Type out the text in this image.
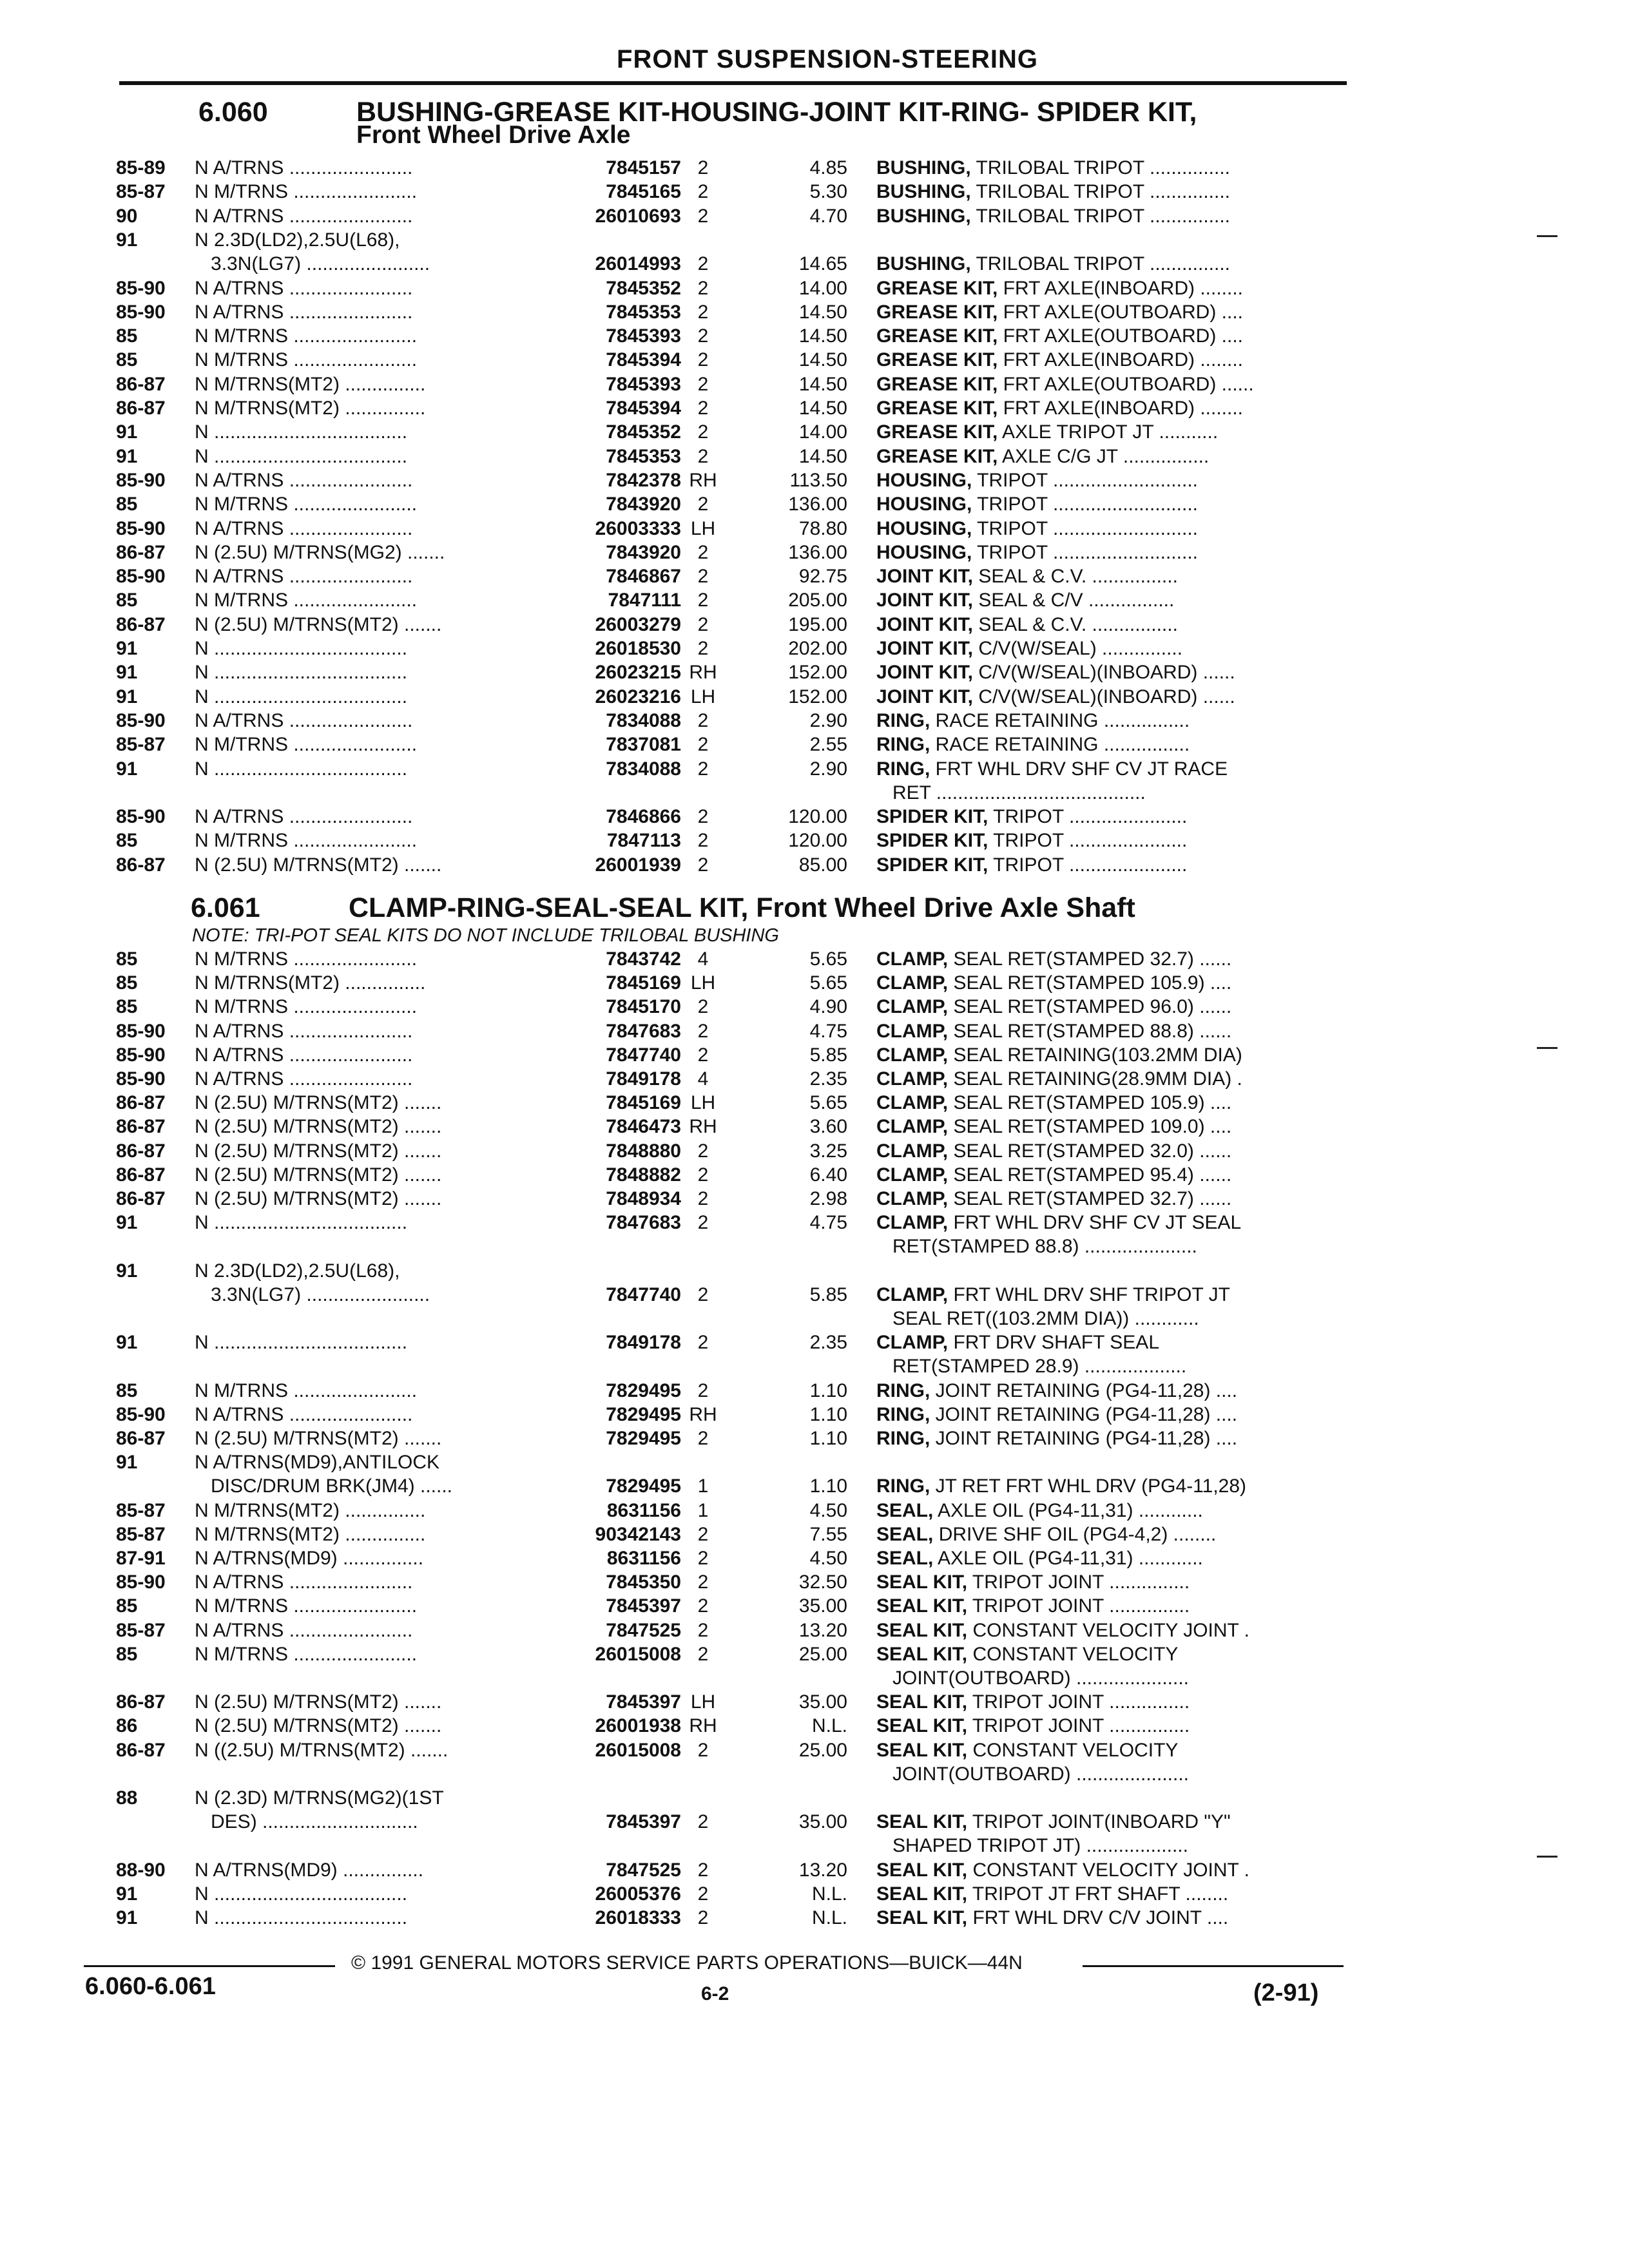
FRONT SUSPENSION-STEERING
6.060	BUSHING-GREASE KIT-HOUSING-JOINT KIT-RING- SPIDER KIT,
Front Wheel Drive Axle
85-89 N A/TRNS .......................	7845157 2	4.85 BUSHING, TRILOBAL TRIPOT ...............
85-87 N M/TRNS .......................	7845165 2	5.30 BUSHING, TRILOBAL TRIPOT ...............
90	N A/TRNS .......................	26010693 2	4.70 BUSHING, TRILOBAL TRIPOT ...............
91	N 2.3D(LD2),2.5U(L68),
3.3N(LG7) .......................	26014993 2	14.65 BUSHING, TRILOBAL TRIPOT ...............
85-90 N A/TRNS .......................	7845352 2	14.00 GREASE KIT, FRT AXLE(INBOARD) ........
85-90 N A/TRNS .......................	7845353 2	14.50 GREASE KIT, FRT AXLE(OUTBOARD) ....
85	N M/TRNS .......................	7845393 2	14.50 GREASE KIT, FRT AXLE(OUTBOARD) ....
85	N M/TRNS .......................	7845394 2	14.50 GREASE KIT, FRT AXLE(INBOARD) ........
86-87 N M/TRNS(MT2) ...............	7845393 2	14.50 GREASE KIT, FRT AXLE(OUTBOARD) ......
86-87 N M/TRNS(MT2) ...............	7845394 2	14.50 GREASE KIT, FRT AXLE(INBOARD) ........
91	N ....................................	7845352 2	14.00 GREASE KIT, AXLE TRIPOT JT ...........
91	N ....................................	7845353 2	14.50 GREASE KIT, AXLE C/G JT ................
85-90 N A/TRNS .......................	7842378 RH	113.50 HOUSING, TRIPOT ...........................
85	N M/TRNS .......................	7843920 2	136.00 HOUSING, TRIPOT ...........................
85-90 N A/TRNS .......................	26003333 LH	78.80 HOUSING, TRIPOT ...........................
86-87 N (2.5U) M/TRNS(MG2) .......	7843920 2	136.00 HOUSING, TRIPOT ...........................
85-90 N A/TRNS .......................	7846867 2	92.75 JOINT KIT, SEAL & C.V. ................
85	N M/TRNS .......................	7847111 2	205.00 JOINT KIT, SEAL & C/V ................
86-87 N (2.5U) M/TRNS(MT2) .......	26003279 2	195.00 JOINT KIT, SEAL & C.V. ................
91	N ....................................	26018530 2	202.00 JOINT KIT, C/V(W/SEAL) ...............
91	N ....................................	26023215 RH	152.00 JOINT KIT, C/V(W/SEAL)(INBOARD) ......
91	N ....................................	26023216 LH	152.00 JOINT KIT, C/V(W/SEAL)(INBOARD) ......
85-90 N A/TRNS .......................	7834088 2	2.90 RING, RACE RETAINING ................
85-87 N M/TRNS .......................	7837081 2	2.55 RING, RACE RETAINING ................
91	N ....................................	7834088 2	2.90 RING, FRT WHL DRV SHF CV JT RACE
RET .......................................
85-90 N A/TRNS .......................	7846866 2	120.00 SPIDER KIT, TRIPOT ......................
85	N M/TRNS .......................	7847113 2	120.00 SPIDER KIT, TRIPOT ......................
86-87 N (2.5U) M/TRNS(MT2) .......	26001939 2	85.00 SPIDER KIT, TRIPOT ......................
6.061	CLAMP-RING-SEAL-SEAL KIT, Front Wheel Drive Axle Shaft
NOTE: TRI-POT SEAL KITS DO NOT INCLUDE TRILOBAL BUSHING
85	N M/TRNS .......................	7843742 4	5.65 CLAMP, SEAL RET(STAMPED 32.7) ......
85	N M/TRNS(MT2) ...............	7845169 LH	5.65 CLAMP, SEAL RET(STAMPED 105.9) ....
85	N M/TRNS .......................	7845170 2	4.90 CLAMP, SEAL RET(STAMPED 96.0) ......
85-90 N A/TRNS .......................	7847683 2	4.75 CLAMP, SEAL RET(STAMPED 88.8) ......
85-90 N A/TRNS .......................	7847740 2	5.85 CLAMP, SEAL RETAINING(103.2MM DIA)
85-90 N A/TRNS .......................	7849178 4	2.35 CLAMP, SEAL RETAINING(28.9MM DIA) .
86-87 N (2.5U) M/TRNS(MT2) .......	7845169 LH	5.65 CLAMP, SEAL RET(STAMPED 105.9) ....
86-87 N (2.5U) M/TRNS(MT2) .......	7846473 RH	3.60 CLAMP, SEAL RET(STAMPED 109.0) ....
86-87 N (2.5U) M/TRNS(MT2) .......	7848880 2	3.25 CLAMP, SEAL RET(STAMPED 32.0) ......
86-87 N (2.5U) M/TRNS(MT2) .......	7848882 2	6.40 CLAMP, SEAL RET(STAMPED 95.4) ......
86-87 N (2.5U) M/TRNS(MT2) .......	7848934 2	2.98 CLAMP, SEAL RET(STAMPED 32.7) ......
91	N ....................................	7847683 2	4.75 CLAMP, FRT WHL DRV SHF CV JT SEAL
RET(STAMPED 88.8) .....................
91	N 2.3D(LD2),2.5U(L68),
3.3N(LG7) .......................	7847740 2	5.85 CLAMP, FRT WHL DRV SHF TRIPOT JT
SEAL RET((103.2MM DIA)) ............
91	N ....................................	7849178 2	2.35 CLAMP, FRT DRV SHAFT SEAL
RET(STAMPED 28.9) ...................
85	N M/TRNS .......................	7829495 2	1.10 RING, JOINT RETAINING (PG4-11,28) ....
85-90 N A/TRNS .......................	7829495 RH	1.10 RING, JOINT RETAINING (PG4-11,28) ....
86-87 N (2.5U) M/TRNS(MT2) .......	7829495 2	1.10 RING, JOINT RETAINING (PG4-11,28) ....
91	N A/TRNS(MD9),ANTILOCK
DISC/DRUM BRK(JM4) ......	7829495 1	1.10 RING, JT RET FRT WHL DRV (PG4-11,28)
85-87 N M/TRNS(MT2) ...............	8631156 1	4.50 SEAL, AXLE OIL (PG4-11,31) ............
85-87 N M/TRNS(MT2) ...............	90342143 2	7.55 SEAL, DRIVE SHF OIL (PG4-4,2) ........
87-91 N A/TRNS(MD9) ...............	8631156 2	4.50 SEAL, AXLE OIL (PG4-11,31) ............
85-90 N A/TRNS .......................	7845350 2	32.50 SEAL KIT, TRIPOT JOINT ...............
85	N M/TRNS .......................	7845397 2	35.00 SEAL KIT, TRIPOT JOINT ...............
85-87 N A/TRNS .......................	7847525 2	13.20 SEAL KIT, CONSTANT VELOCITY JOINT .
85	N M/TRNS .......................	26015008 2	25.00 SEAL KIT, CONSTANT VELOCITY
JOINT(OUTBOARD) .....................
86-87 N (2.5U) M/TRNS(MT2) .......	7845397 LH	35.00 SEAL KIT, TRIPOT JOINT ...............
86	N (2.5U) M/TRNS(MT2) .......	26001938 RH	N.L. SEAL KIT, TRIPOT JOINT ...............
86-87 N ((2.5U) M/TRNS(MT2) .......	26015008 2	25.00 SEAL KIT, CONSTANT VELOCITY
JOINT(OUTBOARD) .....................
88	N (2.3D) M/TRNS(MG2)(1ST
DES) .............................	7845397 2	35.00 SEAL KIT, TRIPOT JOINT(INBOARD "Y"
SHAPED TRIPOT JT) ...................
88-90 N A/TRNS(MD9) ...............	7847525 2	13.20 SEAL KIT, CONSTANT VELOCITY JOINT .
91	N ....................................	26005376 2	N.L. SEAL KIT, TRIPOT JT FRT SHAFT ........
91	N ....................................	26018333 2	N.L. SEAL KIT, FRT WHL DRV C/V JOINT ....
© 1991 GENERAL MOTORS SERVICE PARTS OPERATIONS—BUICK—44N
6.060-6.061	6-2	(2-91)
